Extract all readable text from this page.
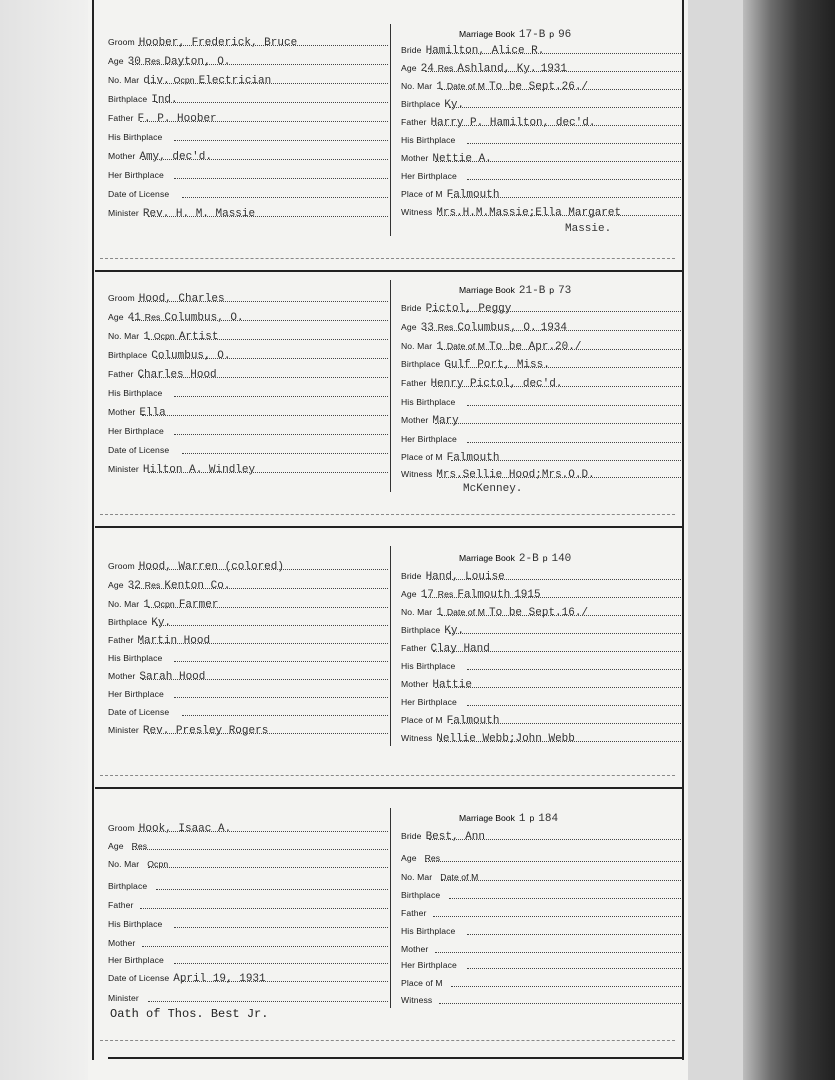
Groom Hoober, Frederick, Bruce
Age 30 Res Dayton, O.
No. Mar div. Ocpn Electrician
Birthplace Ind.
Father F. P. Hoober
His Birthplace
Mother Amy, dec'd.
Her Birthplace
Date of License
Minister Rev. H. M. Massie
Marriage Book 17-B p 96
Bride Hamilton, Alice R.
Age 24 Res Ashland, Ky. 1931
No. Mar 1 Date of M To be Sept.26./
Birthplace Ky.
Father Harry P. Hamilton, dec'd.
His Birthplace
Mother Nettie A.
Her Birthplace
Place of M Falmouth
Witness Mrs.H.M.Massie;Ella Margaret
Massie.
Groom Hood, Charles
Age 41 Res Columbus, O.
No. Mar 1 Ocpn Artist
Birthplace Columbus, O.
Father Charles Hood
His Birthplace
Mother Ella
Her Birthplace
Date of License
Minister Hilton A. Windley
Marriage Book 21-B p 73
Bride Pictol, Peggy
Age 33 Res Columbus, O. 1934
No. Mar 1 Date of M To be Apr.20./
Birthplace Gulf Port, Miss.
Father Henry Pictol, dec'd.
His Birthplace
Mother Mary
Her Birthplace
Place of M Falmouth
Witness Mrs.Sellie Hood;Mrs.O.D.
McKenney.
Groom Hood, Warren (colored)
Age 32 Res Kenton Co.
No. Mar 1 Ocpn Farmer
Birthplace Ky.
Father Martin Hood
His Birthplace
Mother Sarah Hood
Her Birthplace
Date of License
Minister Rev. Presley Rogers
Marriage Book 2-B p 140
Bride Hand, Louise
Age 17 Res Falmouth 1915
No. Mar 1 Date of M To be Sept.16./
Birthplace Ky.
Father Clay Hand
His Birthplace
Mother Hattie
Her Birthplace
Place of M Falmouth
Witness Nellie Webb;John Webb
Groom Hook, Isaac A.
Age Res
No. Mar Ocpn
Birthplace
Father
His Birthplace
Mother
Her Birthplace
Date of License April 19, 1931
Minister
Marriage Book 1 p 184
Bride Best, Ann
Age Res
No. Mar Date of M
Birthplace
Father
His Birthplace
Mother
Her Birthplace
Place of M
Witness
Oath of Thos. Best Jr.
